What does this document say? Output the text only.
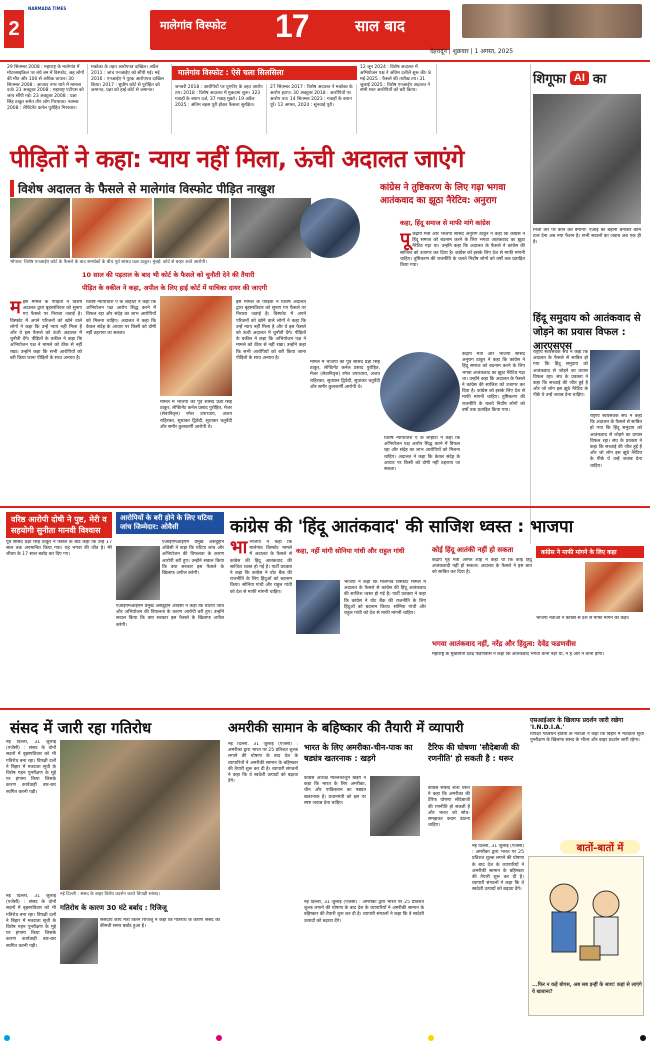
2
NARMADA TIMES
मालेगांव विस्फोट 17	साल बाद
देहरादून | शुक्रवार | 1 अगस्त, 2025
29 सितम्बर 2008 : महाराष्ट्र के मालेगांव में मोटरसाइकिल पर बंधे बम में विस्फोट, छह लोगों की मौत और 100 से अधिक घायल। 30 सितम्बर 2008 : आजाद नगर थाने में मामला दर्ज। 21 अक्टूबर 2008 : महाराष्ट्र एटीएस को जांच सौंपी गई। 23 अक्टूबर 2008 : प्रज्ञा सिंह ठाकुर समेत तीन लोग गिरफ्तार। नवम्बर 2008 : लेफ्टिनेंट कर्नल पुरोहित गिरफ्तार।
मकोका के तहत आरोपपत्र दाखिल। अप्रैल 2011 : जांच एनआईए को सौंपी गई। मई 2016 : एनआईए ने पूरक आरोपपत्र दाखिल किया। 2017 : सुप्रीम कोर्ट से पुरोहित को जमानत, प्रज्ञा को हाई कोर्ट से जमानत।
मालेगांव विस्फोट : ऐसे चला सिलसिला
जनवरी 2018 : आरोपियों पर यूएपीए के तहत आरोप तय। 2018 : विशेष अदालत में मुकदमा शुरू। 323 गवाहों के बयान दर्ज, 37 गवाह मुकरे। 19 अप्रैल 2025 : अंतिम बहस पूरी होकर फैसला सुरक्षित।
27 सितम्बर 2017 : विशेष अदालत ने मकोका के आरोप हटाए। 30 अक्टूबर 2018 : आरोपियों पर आरोप तय। 14 सितम्बर 2023 : गवाहों के बयान पूरे। 12 अगस्त, 2024 : सुनवाई पूरी।
12 जून 2024 : विशेष अदालत में अभियोजन पक्ष ने अंतिम दलीलें शुरू की। 8 मई 2025 : फैसले की तारीख तय। 31 जुलाई 2025 : विशेष एनआईए अदालत ने सभी सात आरोपियों को बरी किया।
पीड़ितों ने कहा: न्याय नहीं मिला, ऊंची अदालत जाएंगे
विशेष अदालत के फैसले से मालेगांव विस्फोट पीड़ित नाखुश	कांग्रेस ने तुष्टिकरण के लिए गढ़ा भगवा आतंकवाद का झूठा नैरेटिव: अनुराग
कहा, हिंदू समाज से माफी मांगे कांग्रेस
भोपाल: विशेष एनआईए कोर्ट के फैसले के बाद समर्थकों के बीच पूर्व सांसद प्रज्ञा ठाकुर। मुंबई: कोर्ट से बाहर आते आरोपी।
10 साल की पड़ताल के बाद भी कोर्ट के फैसले को चुनौती देने की तैयारी
पीड़ित के वकील ने कहा, अपील के लिए हाई कोर्ट में याचिका दायर की जाएगी
मइस मामले के पीड़ितों ने विशेष अदालत द्वारा बृहस्पतिवार को सुनाए गए फैसले पर निराशा जताई है। विस्फोट में अपने परिजनों को खोने वाले लोगों ने कहा कि उन्हें न्याय नहीं मिला है और वे इस फैसले को ऊंची अदालत में चुनौती देंगे। पीड़ितों के वकील ने कहा कि अभियोजन पक्ष ने मामले को ठीक से नहीं रखा। उन्होंने कहा कि सभी आरोपियों को बरी किया जाना पीड़ितों के साथ अन्याय है।
विशेष न्यायाधीश ए के लाहोटी ने कहा कि अभियोजन पक्ष आरोप सिद्ध करने में विफल रहा और संदेह का लाभ आरोपियों को मिलना चाहिए। अदालत ने कहा कि केवल संदेह के आधार पर किसी को दोषी नहीं ठहराया जा सकता।
मामले में भाजपा की पूर्व सांसद प्रज्ञा सिंह ठाकुर, लेफ्टिनेंट कर्नल प्रसाद पुरोहित, मेजर (सेवानिवृत्त) रमेश उपाध्याय, अजय राहिरकर, सुधाकर द्विवेदी, सुधाकर चतुर्वेदी और समीर कुलकर्णी आरोपी थे।
इस मामले के पीड़ितों ने विशेष अदालत द्वारा बृहस्पतिवार को सुनाए गए फैसले पर निराशा जताई है। विस्फोट में अपने परिजनों को खोने वाले लोगों ने कहा कि उन्हें न्याय नहीं मिला है और वे इस फैसले को ऊंची अदालत में चुनौती देंगे। पीड़ितों के वकील ने कहा कि अभियोजन पक्ष ने मामले को ठीक से नहीं रखा। उन्होंने कहा कि सभी आरोपियों को बरी किया जाना पीड़ितों के साथ अन्याय है।
मामले में भाजपा की पूर्व सांसद प्रज्ञा सिंह ठाकुर, लेफ्टिनेंट कर्नल प्रसाद पुरोहित, मेजर (सेवानिवृत्त) रमेश उपाध्याय, अजय राहिरकर, सुधाकर द्विवेदी, सुधाकर चतुर्वेदी और समीर कुलकर्णी आरोपी थे।
पूकेंद्रीय मंत्री और भाजपा सांसद अनुराग ठाकुर ने कहा कि कांग्रेस ने हिंदू समाज को बदनाम करने के लिए भगवा आतंकवाद का झूठा नैरेटिव गढ़ा था। उन्होंने कहा कि अदालत के फैसले ने कांग्रेस की साजिश को उजागर कर दिया है। कांग्रेस को इसके लिए देश से माफी मांगनी चाहिए। तुष्टिकरण की राजनीति के चलते निर्दोष लोगों को वर्षों तक प्रताड़ित किया गया।
केंद्रीय मंत्री और भाजपा सांसद अनुराग ठाकुर ने कहा कि कांग्रेस ने हिंदू समाज को बदनाम करने के लिए भगवा आतंकवाद का झूठा नैरेटिव गढ़ा था। उन्होंने कहा कि अदालत के फैसले ने कांग्रेस की साजिश को उजागर कर दिया है। कांग्रेस को इसके लिए देश से माफी मांगनी चाहिए। तुष्टिकरण की राजनीति के चलते निर्दोष लोगों को वर्षों तक प्रताड़ित किया गया।
विशेष न्यायाधीश ए के लाहोटी ने कहा कि अभियोजन पक्ष आरोप सिद्ध करने में विफल रहा और संदेह का लाभ आरोपियों को मिलना चाहिए। अदालत ने कहा कि केवल संदेह के आधार पर किसी को दोषी नहीं ठहराया जा सकता।
शिगूफा AI का
निजी तौर पर कौन करे बेगानी! एआई का बहाना बनाकर काम टाल देना अब नया फैशन है। सभी सवालों का जवाब अब एक ही है।
हिंदू समुदाय को आतंकवाद से जोड़ने का प्रयास विफल : आरएसएस
राष्ट्रीय स्वयंसेवक संघ ने कहा कि अदालत के फैसले से साबित हो गया कि हिंदू समुदाय को आतंकवाद से जोड़ने का प्रयास विफल रहा। संघ के प्रवक्ता ने कहा कि सच्चाई की जीत हुई है और जो लोग इस झूठे नैरेटिव के पीछे थे उन्हें जवाब देना चाहिए।
राष्ट्रीय स्वयंसेवक संघ ने कहा कि अदालत के फैसले से साबित हो गया कि हिंदू समुदाय को आतंकवाद से जोड़ने का प्रयास विफल रहा। संघ के प्रवक्ता ने कहा कि सच्चाई की जीत हुई है और जो लोग इस झूठे नैरेटिव के पीछे थे उन्हें जवाब देना चाहिए।
वरिष्ठ आरोपी दोषी ने पुष्ट, मेरी व सहयोगी सुनीता मानवी विश्वास
आरोपियों के बरी होने के लिए घटिया जांच जिम्मेदार: ओवैसी
पूर्व सांसद प्रज्ञा सिंह ठाकुर ने फैसले के बाद कहा कि उन्हें 17 साल तक अपमानित किया गया। यह भगवा की जीत है। मेरे जीवन के 17 साल बर्बाद कर दिए गए।
एआईएमआईएम प्रमुख असदुद्दीन ओवैसी ने कहा कि घटिया जांच और अभियोजन की विफलता के कारण आरोपी बरी हुए। उन्होंने सवाल किया कि क्या सरकार इस फैसले के खिलाफ अपील करेगी।
एआईएमआईएम प्रमुख असदुद्दीन ओवैसी ने कहा कि घटिया जांच और अभियोजन की विफलता के कारण आरोपी बरी हुए। उन्होंने सवाल किया कि क्या सरकार इस फैसले के खिलाफ अपील करेगी।
कांग्रेस की 'हिंदू आतंकवाद' की साजिश ध्वस्त : भाजपा
कहा, नहीं मांगी सोनिया गांधी और राहुल गांधी
भाभाजपा ने कहा कि मालेगांव विस्फोट मामले में अदालत के फैसले से कांग्रेस की हिंदू आतंकवाद की साजिश ध्वस्त हो गई है। पार्टी प्रवक्ता ने कहा कि कांग्रेस ने वोट बैंक की राजनीति के लिए हिंदुओं को बदनाम किया। सोनिया गांधी और राहुल गांधी को देश से माफी मांगनी चाहिए।
भाजपा ने कहा कि मालेगांव विस्फोट मामले में अदालत के फैसले से कांग्रेस की हिंदू आतंकवाद की साजिश ध्वस्त हो गई है। पार्टी प्रवक्ता ने कहा कि कांग्रेस ने वोट बैंक की राजनीति के लिए हिंदुओं को बदनाम किया। सोनिया गांधी और राहुल गांधी को देश से माफी मांगनी चाहिए।
कोई हिंदू आतंकी नहीं हो सकता
केंद्रीय गृह मंत्री अमित शाह ने कहा था कि कोई हिंदू आतंकवादी नहीं हो सकता। अदालत के फैसले ने इस बात को साबित कर दिया है।
कांग्रेस ने माफी मांगने के लिए कहा
भाजपा नेताओं ने कांग्रेस से देश से माफी मांगने को कहा।
भगवा आतंकवाद नहीं, नरेंद्र और हिंदुत्व: देवेंद्र फडणवीस
महाराष्ट्र के मुख्यमंत्री देवेंद्र फडणवीस ने कहा कि आतंकवाद भगवा कभी नहीं था, न है और न कभी होगा।
संसद में जारी रहा गतिरोध
नई दिल्ली, 31 जुलाई (एजेंसी) : संसद के दोनों सदनों में बृहस्पतिवार को भी गतिरोध बना रहा। विपक्षी दलों ने बिहार में मतदाता सूची के विशेष गहन पुनरीक्षण के मुद्दे पर हंगामा किया जिसके कारण कार्यवाही बार-बार स्थगित करनी पड़ी।
नई दिल्ली : संसद के बाहर विरोध प्रदर्शन करते विपक्षी सांसद।
गतिरोध के कारण 30 घंटे बर्बाद : रिजिजू
संसदीय कार्य मंत्री किरेन रिजिजू ने कहा कि गतिरोध के कारण संसद का कीमती समय बर्बाद हुआ है।
नई दिल्ली, 31 जुलाई (एजेंसी) : संसद के दोनों सदनों में बृहस्पतिवार को भी गतिरोध बना रहा। विपक्षी दलों ने बिहार में मतदाता सूची के विशेष गहन पुनरीक्षण के मुद्दे पर हंगामा किया जिसके कारण कार्यवाही बार-बार स्थगित करनी पड़ी।
अमरीकी सामान के बहिष्कार की तैयारी में व्यापारी
नई दिल्ली, 31 जुलाई (एजेंसी) : अमरीका द्वारा भारत पर 25 प्रतिशत शुल्क लगाने की घोषणा के बाद देश के व्यापारियों ने अमरीकी सामान के बहिष्कार की तैयारी शुरू कर दी है। व्यापारी संगठनों ने कहा कि वे स्वदेशी उत्पादों को बढ़ावा देंगे।
भारत के लिए अमरीका-चीन-पाक का षड्यंत्र खतरनाक : खड़गे
कांग्रेस अध्यक्ष मल्लिकार्जुन खड़गे ने कहा कि भारत के लिए अमरीका, चीन और पाकिस्तान का षड्यंत्र खतरनाक है। प्रधानमंत्री को इस पर स्पष्ट जवाब देना चाहिए।
नई दिल्ली, 31 जुलाई (एजेंसी) : अमरीका द्वारा भारत पर 25 प्रतिशत शुल्क लगाने की घोषणा के बाद देश के व्यापारियों ने अमरीकी सामान के बहिष्कार की तैयारी शुरू कर दी है। व्यापारी संगठनों ने कहा कि वे स्वदेशी उत्पादों को बढ़ावा देंगे।
टैरिफ की घोषणा 'सौदेबाजी की रणनीति' हो सकती है : थरूर
कांग्रेस सांसद शशि थरूर ने कहा कि अमरीका की टैरिफ घोषणा सौदेबाजी की रणनीति हो सकती है और भारत को सोच-समझकर कदम उठाना चाहिए।
नई दिल्ली, 31 जुलाई (एजेंसी) : अमरीका द्वारा भारत पर 25 प्रतिशत शुल्क लगाने की घोषणा के बाद देश के व्यापारियों ने अमरीकी सामान के बहिष्कार की तैयारी शुरू कर दी है। व्यापारी संगठनों ने कहा कि वे स्वदेशी उत्पादों को बढ़ावा देंगे।
एसआईआर के खिलाफ प्रदर्शन जारी रखेगा 'I.N.D.I.A.'
विपक्षी गठबंधन इंडिया के नेताओं ने कहा कि बिहार में मतदाता सूची पुनरीक्षण के खिलाफ संसद के भीतर और बाहर प्रदर्शन जारी रहेगा।
बातों-बातों में
...फिर न कहें बोगस, अब सब इन्हीं के साथ! कहां से लाएंगे ये खजाना?
